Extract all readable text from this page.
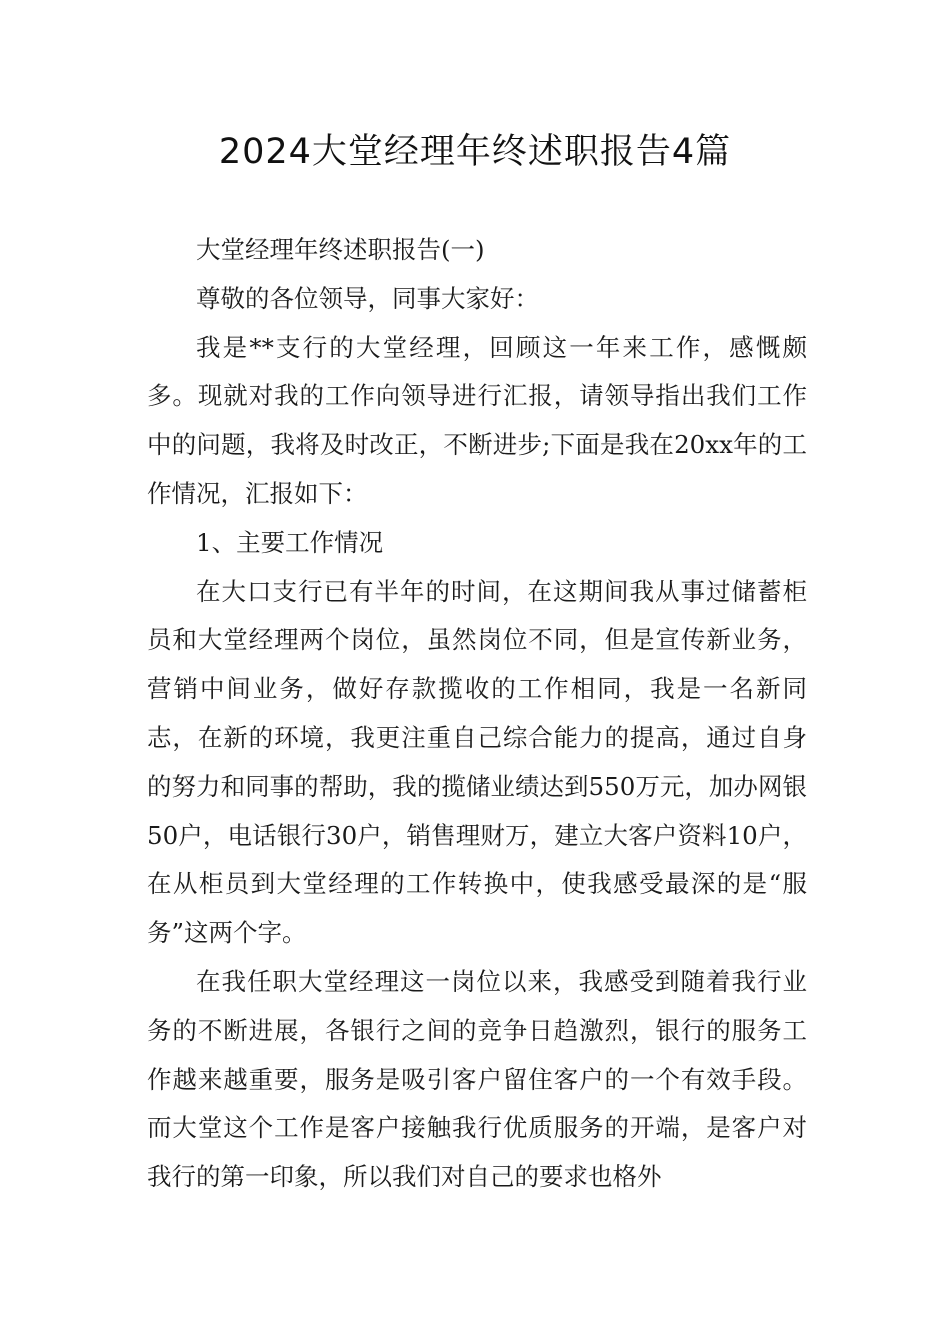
2024大堂经理年终述职报告4篇

大堂经理年终述职报告(一)

尊敬的各位领导，同事大家好：

我是**支行的大堂经理，回顾这一年来工作，感慨颇多。现就对我的工作向领导进行汇报，请领导指出我们工作中的问题，我将及时改正，不断进步;下面是我在20xx年的工作情况，汇报如下：

1、主要工作情况

在大口支行已有半年的时间，在这期间我从事过储蓄柜员和大堂经理两个岗位，虽然岗位不同，但是宣传新业务，营销中间业务，做好存款揽收的工作相同，我是一名新同志，在新的环境，我更注重自己综合能力的提高，通过自身的努力和同事的帮助，我的揽储业绩达到550万元，加办网银50户，电话银行30户，销售理财万，建立大客户资料10户，在从柜员到大堂经理的工作转换中，使我感受最深的是“服务”这两个字。

在我任职大堂经理这一岗位以来，我感受到随着我行业务的不断进展，各银行之间的竞争日趋激烈，银行的服务工作越来越重要，服务是吸引客户留住客户的一个有效手段。而大堂这个工作是客户接触我行优质服务的开端，是客户对我行的第一印象，所以我们对自己的要求也格外
